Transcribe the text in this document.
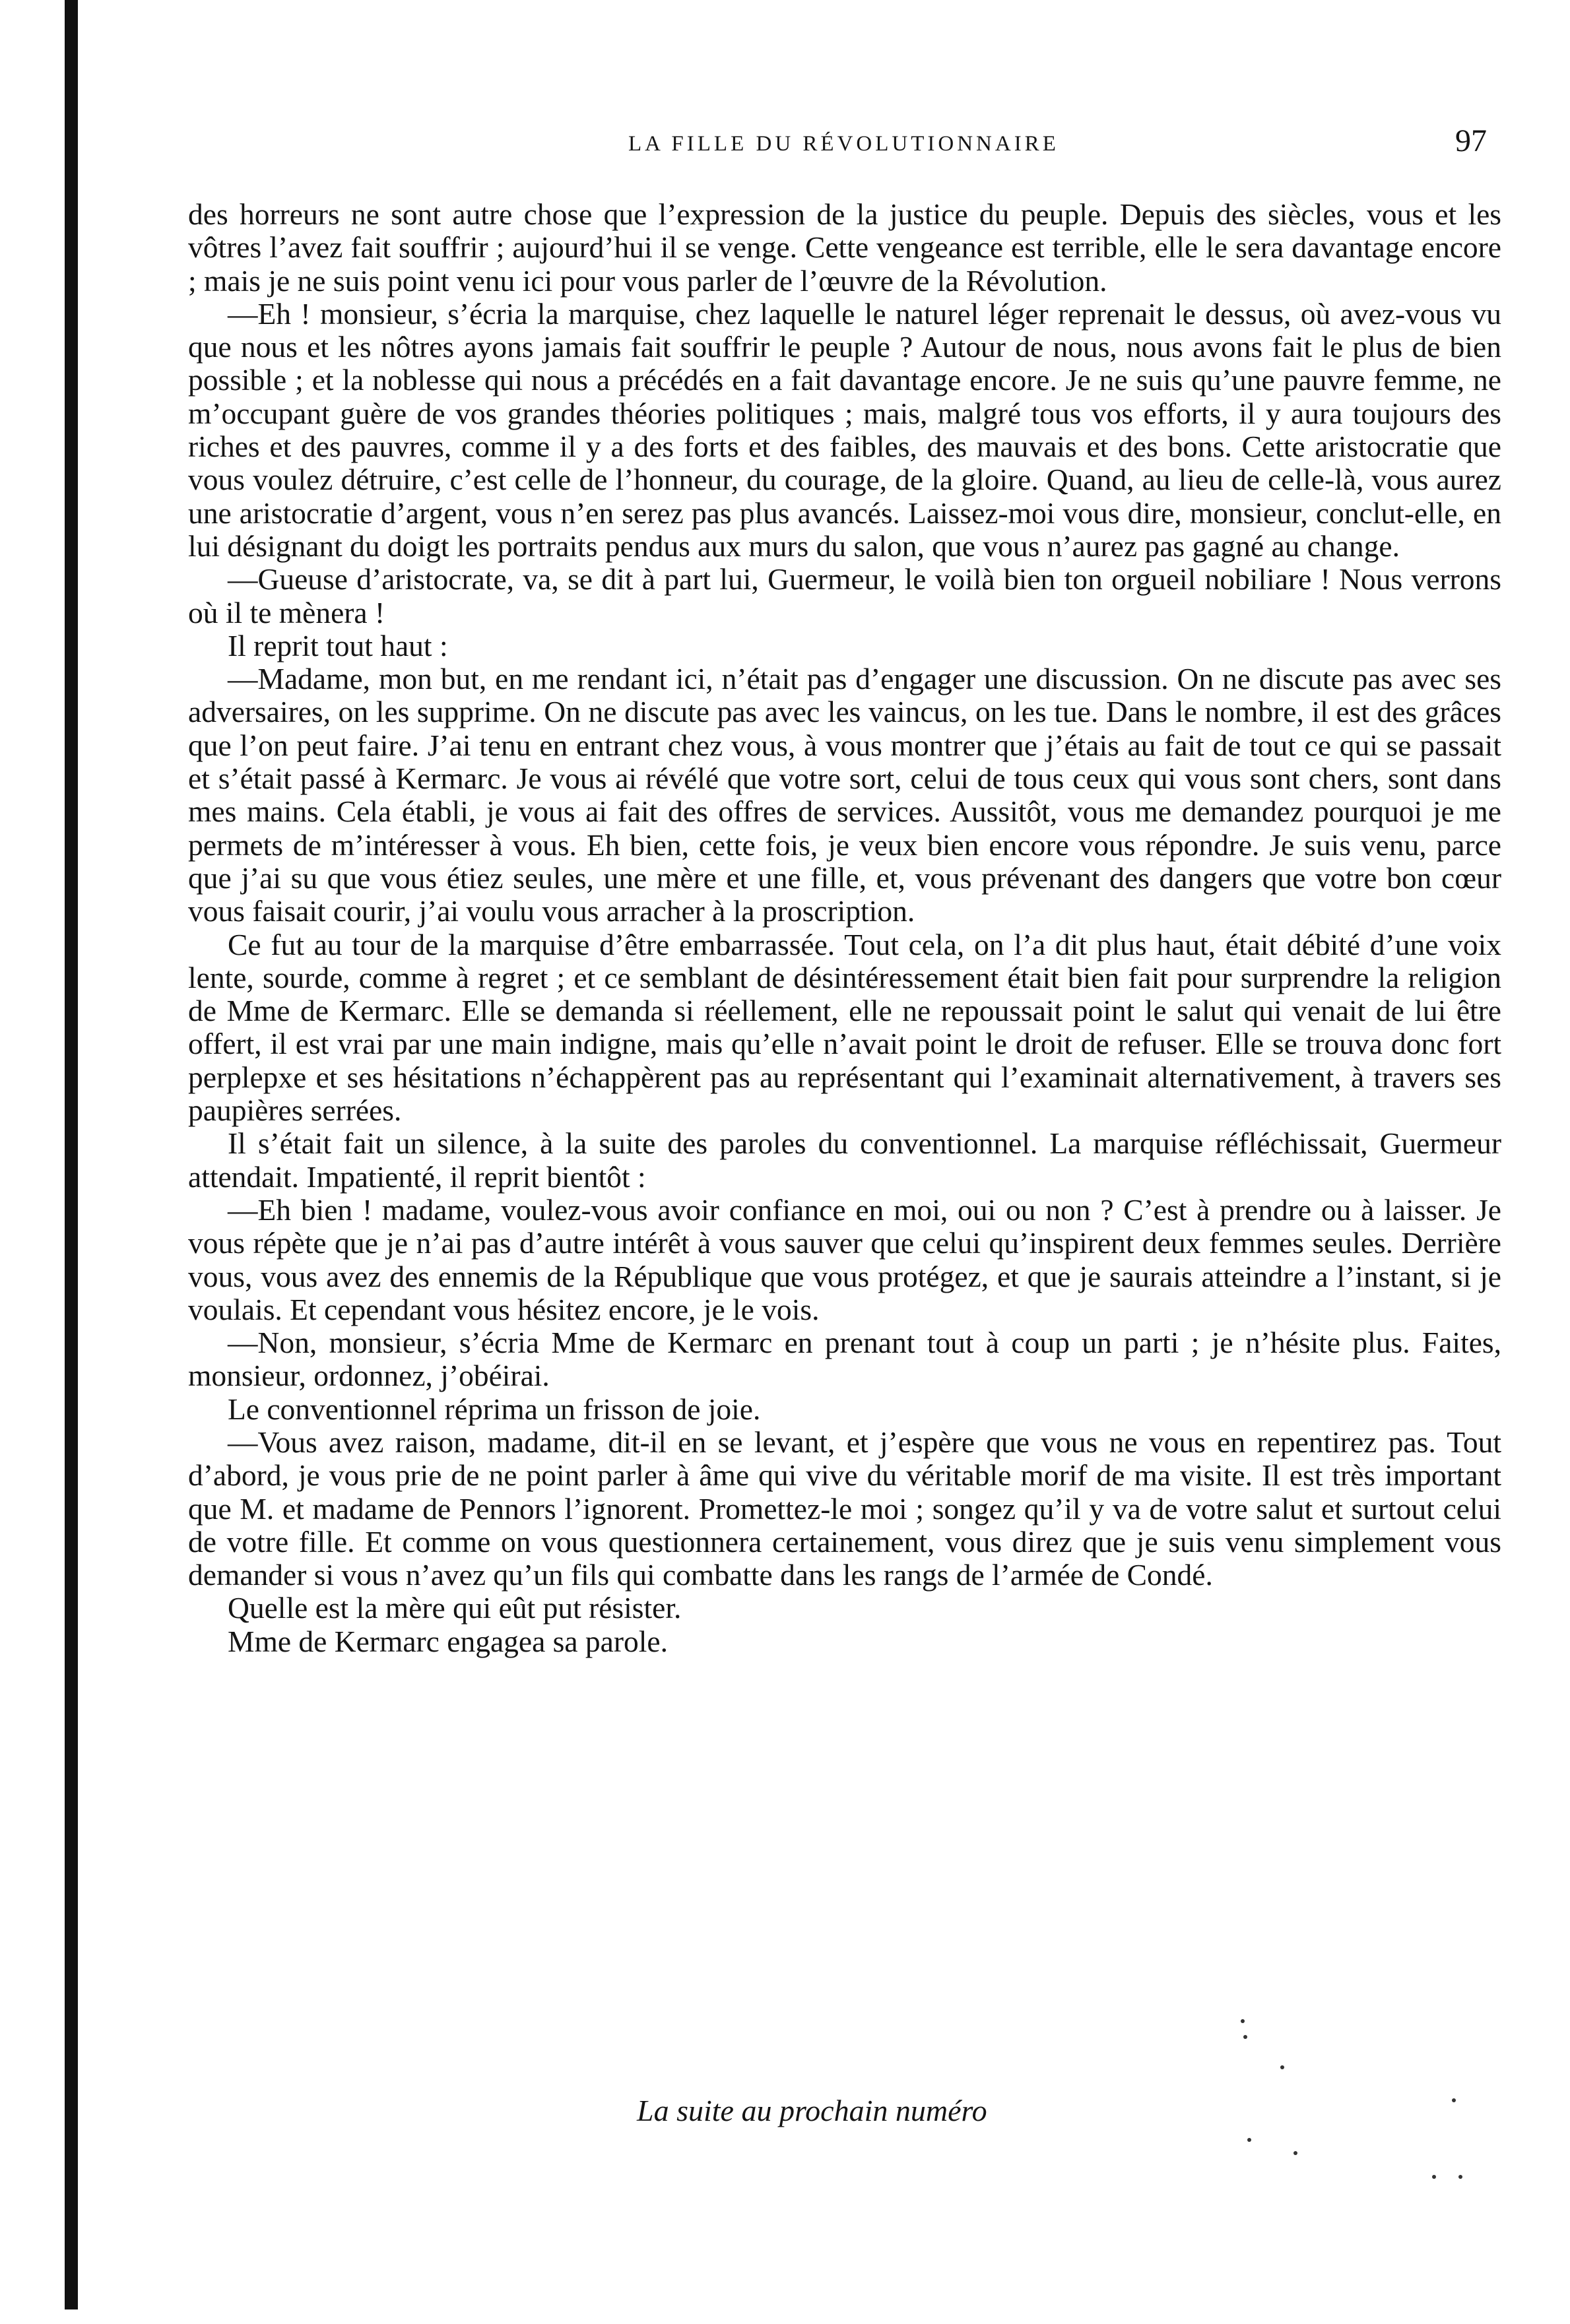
LA FILLE DU RÉVOLUTIONNAIRE	97

des horreurs ne sont autre chose que l’expression de la justice du peuple. Depuis des siècles, vous et les vôtres l’avez fait souffrir ; aujourd’hui il se venge. Cette vengeance est terrible, elle le sera davantage encore ; mais je ne suis point venu ici pour vous parler de l’œuvre de la Révolution.

—Eh ! monsieur, s’écria la marquise, chez laquelle le naturel léger reprenait le dessus, où avez-vous vu que nous et les nôtres ayons jamais fait souffrir le peuple ? Autour de nous, nous avons fait le plus de bien possible ; et la noblesse qui nous a précédés en a fait davantage encore. Je ne suis qu’une pauvre femme, ne m’occupant guère de vos grandes théories politiques ; mais, malgré tous vos efforts, il y aura toujours des riches et des pauvres, comme il y a des forts et des faibles, des mauvais et des bons. Cette aristocratie que vous voulez détruire, c’est celle de l’honneur, du courage, de la gloire. Quand, au lieu de celle-là, vous aurez une aristocratie d’argent, vous n’en serez pas plus avancés. Laissez-moi vous dire, monsieur, conclut-elle, en lui désignant du doigt les portraits pendus aux murs du salon, que vous n’aurez pas gagné au change.

—Gueuse d’aristocrate, va, se dit à part lui, Guermeur, le voilà bien ton orgueil nobiliare ! Nous verrons où il te mènera !

Il reprit tout haut :

—Madame, mon but, en me rendant ici, n’était pas d’engager une discussion. On ne discute pas avec ses adversaires, on les supprime. On ne discute pas avec les vaincus, on les tue. Dans le nombre, il est des grâces que l’on peut faire. J’ai tenu en entrant chez vous, à vous montrer que j’étais au fait de tout ce qui se passait et s’était passé à Kermarc. Je vous ai révélé que votre sort, celui de tous ceux qui vous sont chers, sont dans mes mains. Cela établi, je vous ai fait des offres de services. Aussitôt, vous me demandez pourquoi je me permets de m’intéresser à vous. Eh bien, cette fois, je veux bien encore vous répondre. Je suis venu, parce que j’ai su que vous étiez seules, une mère et une fille, et, vous prévenant des dangers que votre bon cœur vous faisait courir, j’ai voulu vous arracher à la proscription.

Ce fut au tour de la marquise d’être embarrassée. Tout cela, on l’a dit plus haut, était débité d’une voix lente, sourde, comme à regret ; et ce semblant de désintéressement était bien fait pour surprendre la religion de Mme de Kermarc. Elle se demanda si réellement, elle ne repoussait point le salut qui venait de lui être offert, il est vrai par une main indigne, mais qu’elle n’avait point le droit de refuser. Elle se trouva donc fort perplepxe et ses hésitations n’échappèrent pas au représentant qui l’examinait alternativement, à travers ses paupières serrées.

Il s’était fait un silence, à la suite des paroles du conventionnel. La marquise réfléchissait, Guermeur attendait. Impatienté, il reprit bientôt :

—Eh bien ! madame, voulez-vous avoir confiance en moi, oui ou non ? C’est à prendre ou à laisser. Je vous répète que je n’ai pas d’autre intérêt à vous sauver que celui qu’inspirent deux femmes seules. Derrière vous, vous avez des ennemis de la République que vous protégez, et que je saurais atteindre a l’instant, si je voulais. Et cependant vous hésitez encore, je le vois.

—Non, monsieur, s’écria Mme de Kermarc en prenant tout à coup un parti ; je n’hésite plus. Faites, monsieur, ordonnez, j’obéirai.

Le conventionnel réprima un frisson de joie.

—Vous avez raison, madame, dit-il en se levant, et j’espère que vous ne vous en repentirez pas. Tout d’abord, je vous prie de ne point parler à âme qui vive du véritable morif de ma visite. Il est très important que M. et madame de Pennors l’ignorent. Promettez-le moi ; songez qu’il y va de votre salut et surtout celui de votre fille. Et comme on vous questionnera certainement, vous direz que je suis venu simplement vous demander si vous n’avez qu’un fils qui combatte dans les rangs de l’armée de Condé.

Quelle est la mère qui eût put résister.

Mme de Kermarc engagea sa parole.

La suite au prochain numéro
